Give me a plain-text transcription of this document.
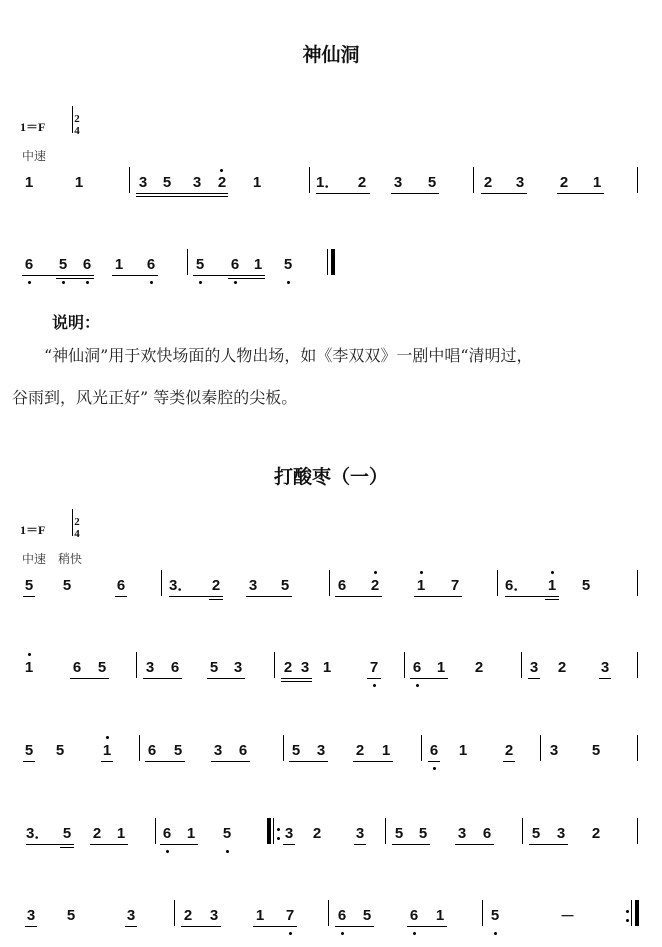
神仙洞
1＝F
2
4
中速
1	1	3 5 3 2 1	1．	2 3 5	2 3 2 1
6 5 6 1 6	5 6 1 5
说明：
“神仙洞”用于欢快场面的人物出场，如《李双双》一剧中唱“清明过，
谷雨到，风光正好” 等类似秦腔的尖板。
打酸枣（一）
1＝F
2
4
中速　稍快
5 5	6	3．	2 3 5	6 2	1 7	6．	1 5
1	6 5	3 6 5 3	2 3 1	7 6 1 2	3 2 3
5 5	1 6 5 3 6	5 3 2 1	6 1	2 3 5
3． 5 2 1	6 1 5	3 2 3 5 5 3 6	5 3 2
3 5	3	2 3	1 7	6 5	6 1	5	－
